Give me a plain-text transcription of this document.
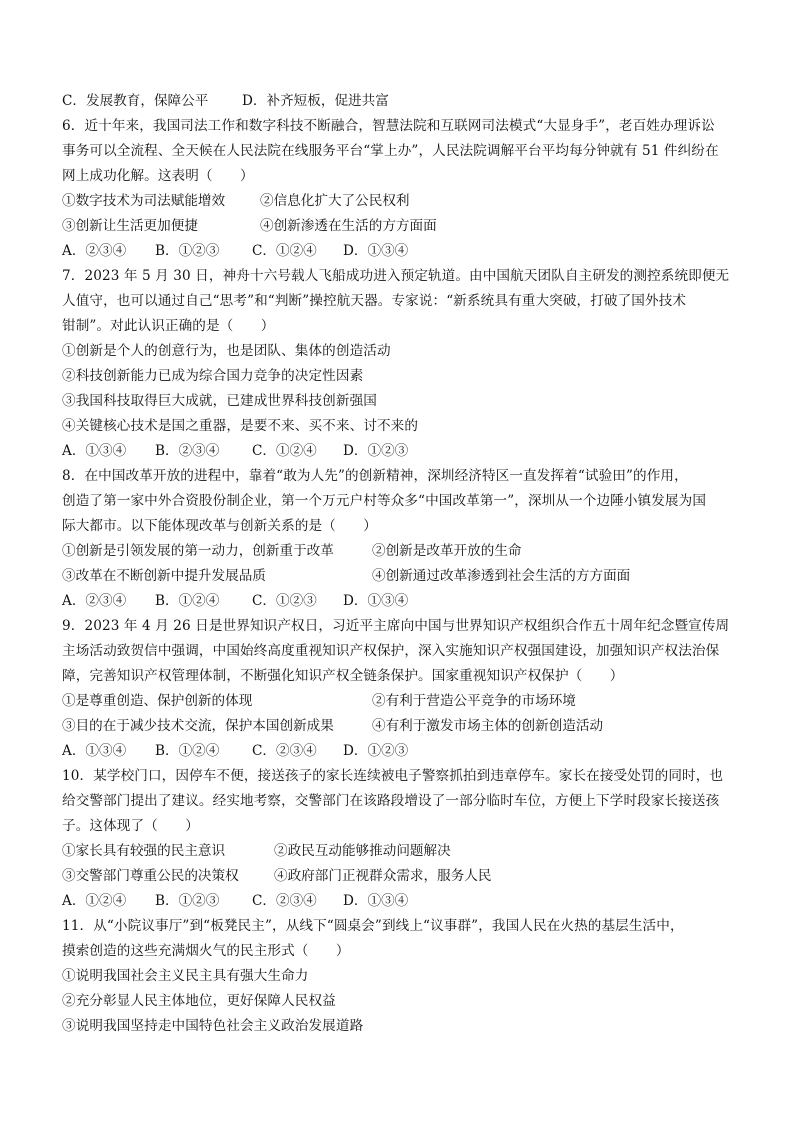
C．发展教育，保障公平 D．补齐短板，促进共富
6．近十年来，我国司法工作和数字科技不断融合，智慧法院和互联网司法模式“大显身手”，老百姓办理诉讼
事务可以全流程、全天候在人民法院在线服务平台“掌上办”，人民法院调解平台平均每分钟就有 51 件纠纷在
网上成功化解。这表明（　　）
①数字技术为司法赋能增效	②信息化扩大了公民权利
③创新让生活更加便捷	④创新渗透在生活的方方面面
A．②③④ B．①②③ C．①②④ D．①③④
7．2023 年 5 月 30 日，神舟十六号载人飞船成功进入预定轨道。由中国航天团队自主研发的测控系统即便无
人值守，也可以通过自己“思考”和“判断”操控航天器。专家说：“新系统具有重大突破，打破了国外技术
钳制”。对此认识正确的是（　　）
①创新是个人的创意行为，也是团队、集体的创造活动
②科技创新能力已成为综合国力竞争的决定性因素
③我国科技取得巨大成就，已建成世界科技创新强国
④关键核心技术是国之重器，是要不来、买不来、讨不来的
A．①③④ B．②③④ C．①②④ D．①②③
8．在中国改革开放的进程中，靠着“敢为人先”的创新精神，深圳经济特区一直发挥着“试验田”的作用，
创造了第一家中外合资股份制企业，第一个万元户村等众多“中国改革第一”，深圳从一个边陲小镇发展为国
际大都市。以下能体现改革与创新关系的是（　　）
①创新是引领发展的第一动力，创新重于改革	②创新是改革开放的生命
③改革在不断创新中提升发展品质	④创新通过改革渗透到社会生活的方方面面
A．②③④ B．①②④ C．①②③ D．①③④
9．2023 年 4 月 26 日是世界知识产权日，习近平主席向中国与世界知识产权组织合作五十周年纪念暨宣传周
主场活动致贺信中强调，中国始终高度重视知识产权保护，深入实施知识产权强国建设，加强知识产权法治保
障，完善知识产权管理体制，不断强化知识产权全链条保护。国家重视知识产权保护（　　）
①是尊重创造、保护创新的体现	②有利于营造公平竞争的市场环境
③目的在于减少技术交流，保护本国创新成果	④有利于激发市场主体的创新创造活动
A．①③④ B．①②④ C．②③④ D．①②③
10．某学校门口，因停车不便，接送孩子的家长连续被电子警察抓拍到违章停车。家长在接受处罚的同时，也
给交警部门提出了建议。经实地考察，交警部门在该路段增设了一部分临时车位，方便上下学时段家长接送孩
子。这体现了（　　）
①家长具有较强的民主意识	②政民互动能够推动问题解决
③交警部门尊重公民的决策权	④政府部门正视群众需求，服务人民
A．①②④ B．①②③ C．②③④ D．①③④
11．从“小院议事厅”到“板凳民主”，从线下“圆桌会”到线上“议事群”，我国人民在火热的基层生活中，
摸索创造的这些充满烟火气的民主形式（　　）
①说明我国社会主义民主具有强大生命力
②充分彰显人民主体地位，更好保障人民权益
③说明我国坚持走中国特色社会主义政治发展道路
